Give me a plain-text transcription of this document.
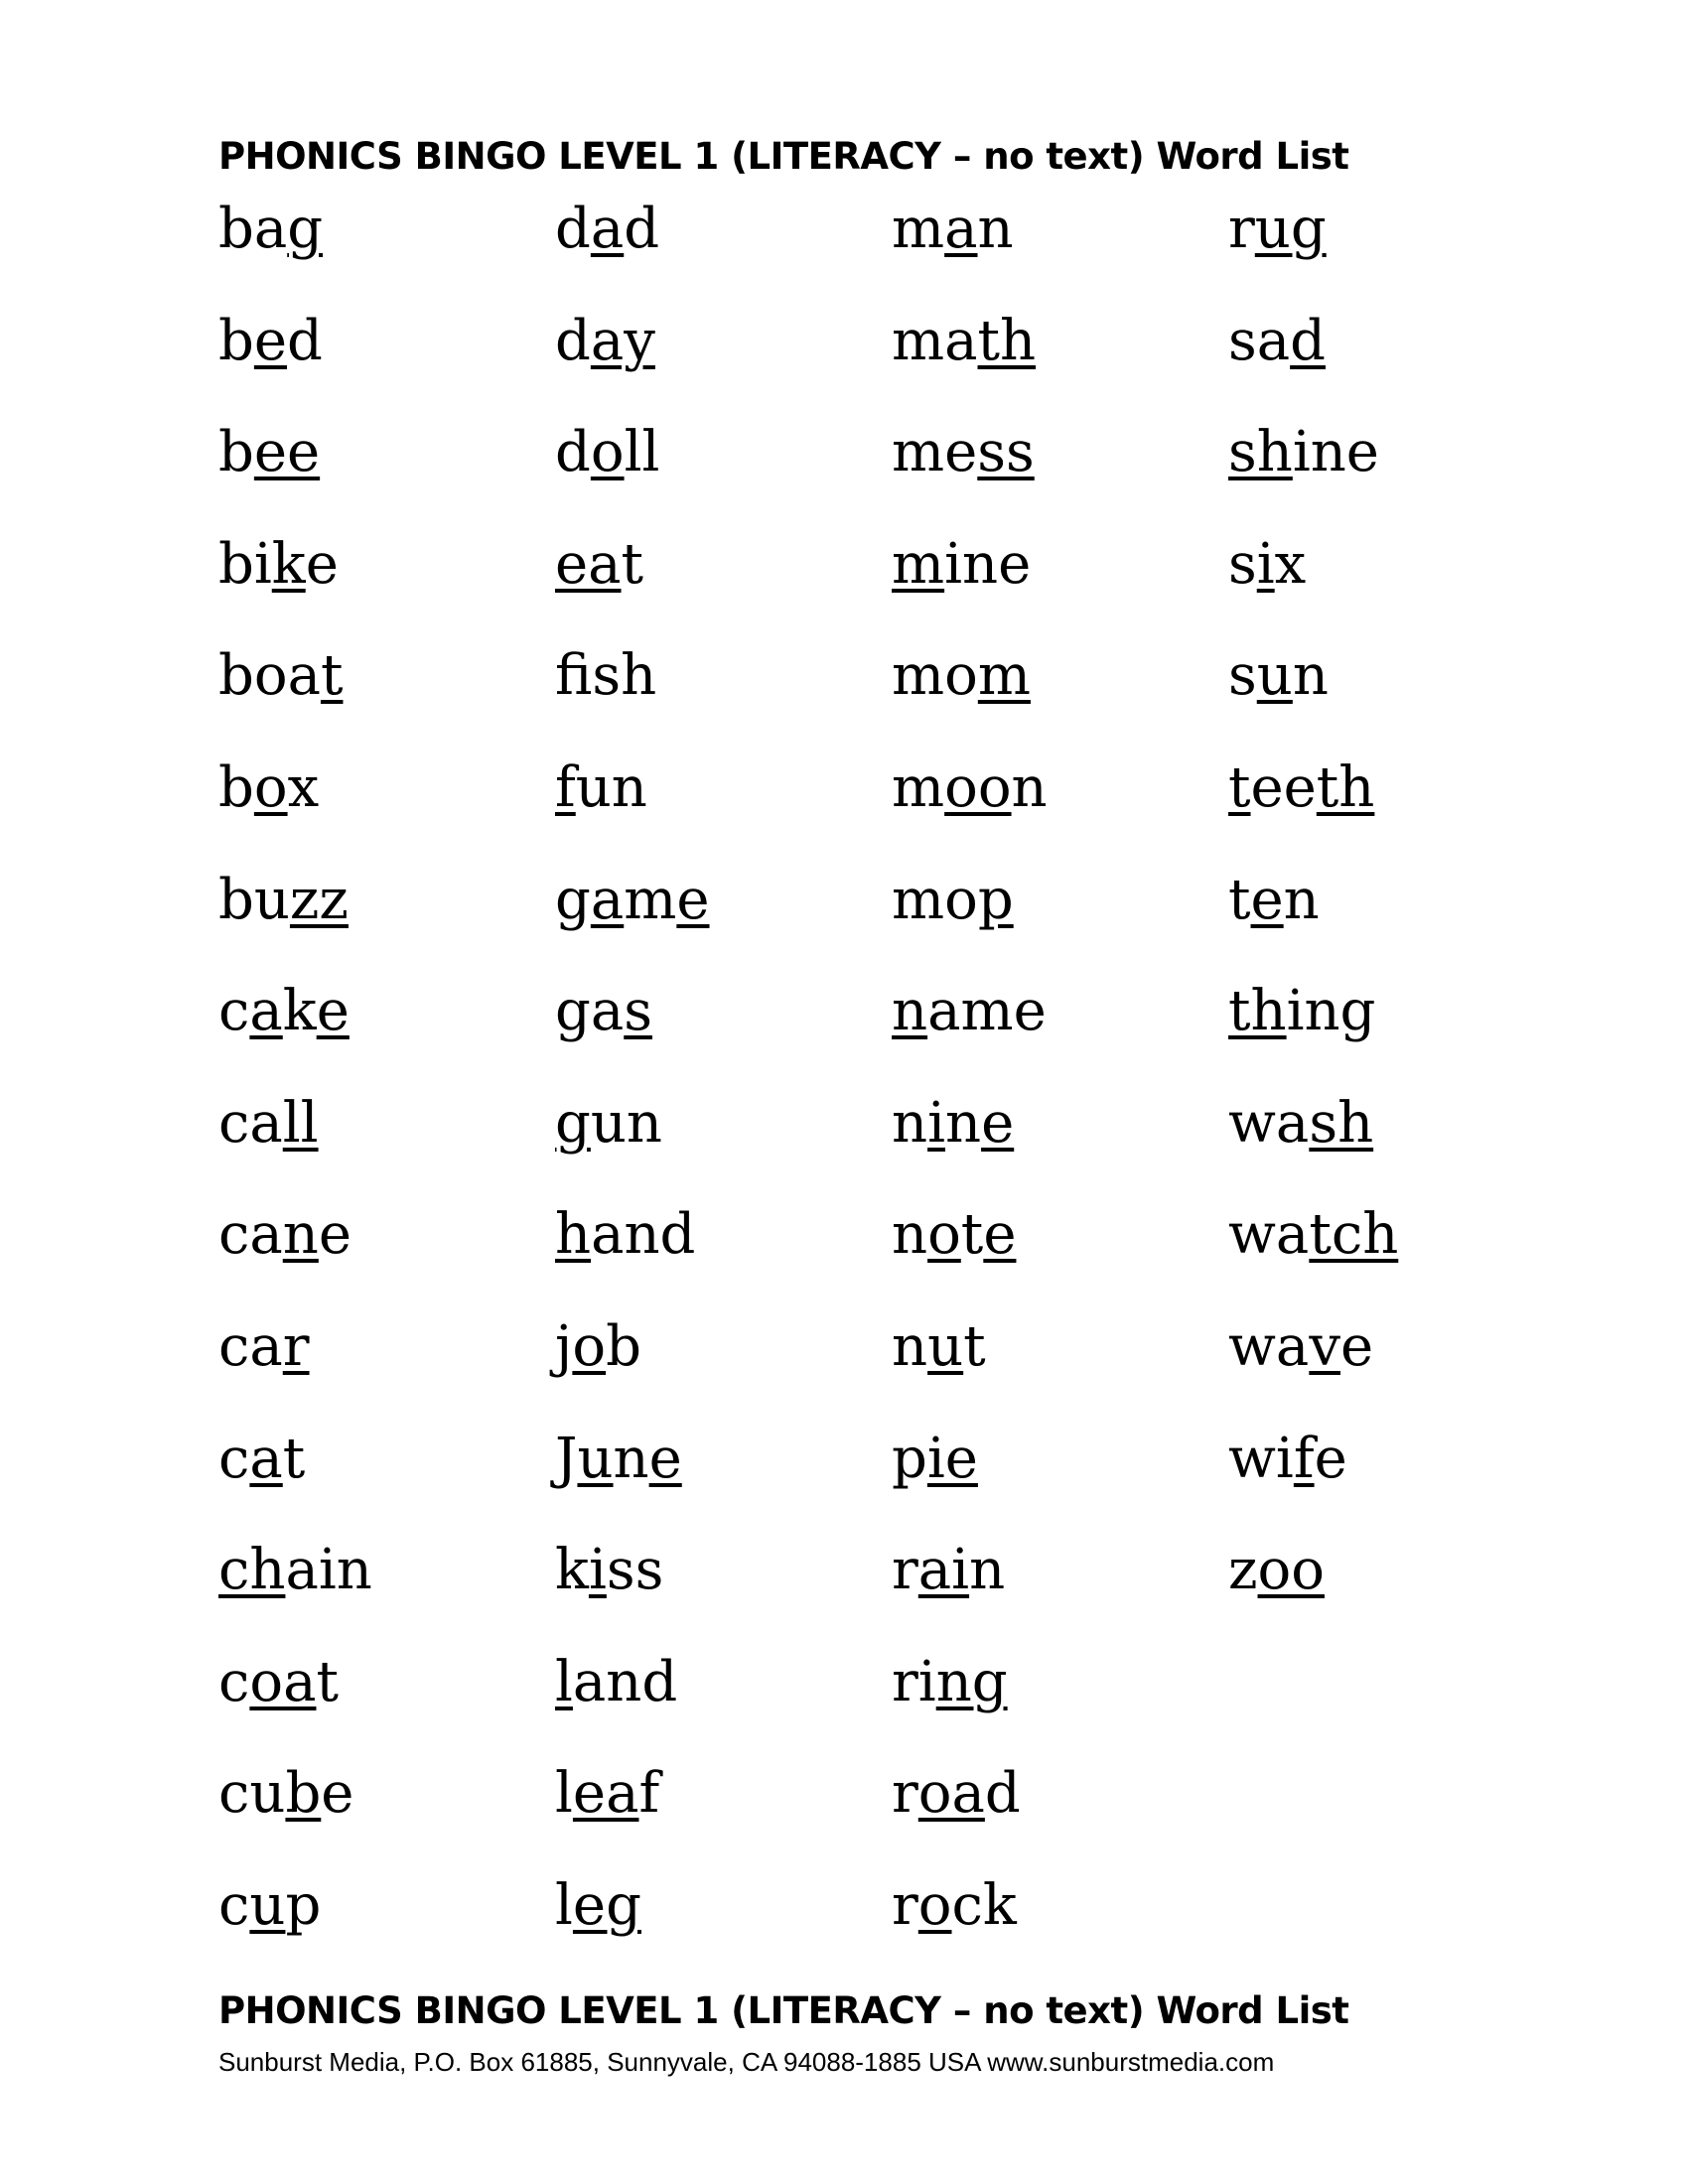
PHONICS BINGO LEVEL 1 (LITERACY – no text) Word List
bag	dad	man	rug
bed	day	math	sad
bee	doll	mess	shine
bike	eat	mine	six
boat	fsh	mom	sun
box	fun	moon	teeth
buzz	game	mop	ten
cake	gas	name	thing
call	gun	nine	wash
cane	hand	note	watch
car	job	nut	wave
cat	June	pie	wife
chain	kiss	rain	zoo
coat	land	ring
cube	leaf	road
cup	leg	rock
PHONICS BINGO LEVEL 1 (LITERACY – no text) Word List
Sunburst Media, P.O. Box 61885, Sunnyvale, CA 94088-1885 USA www.sunburstmedia.com
